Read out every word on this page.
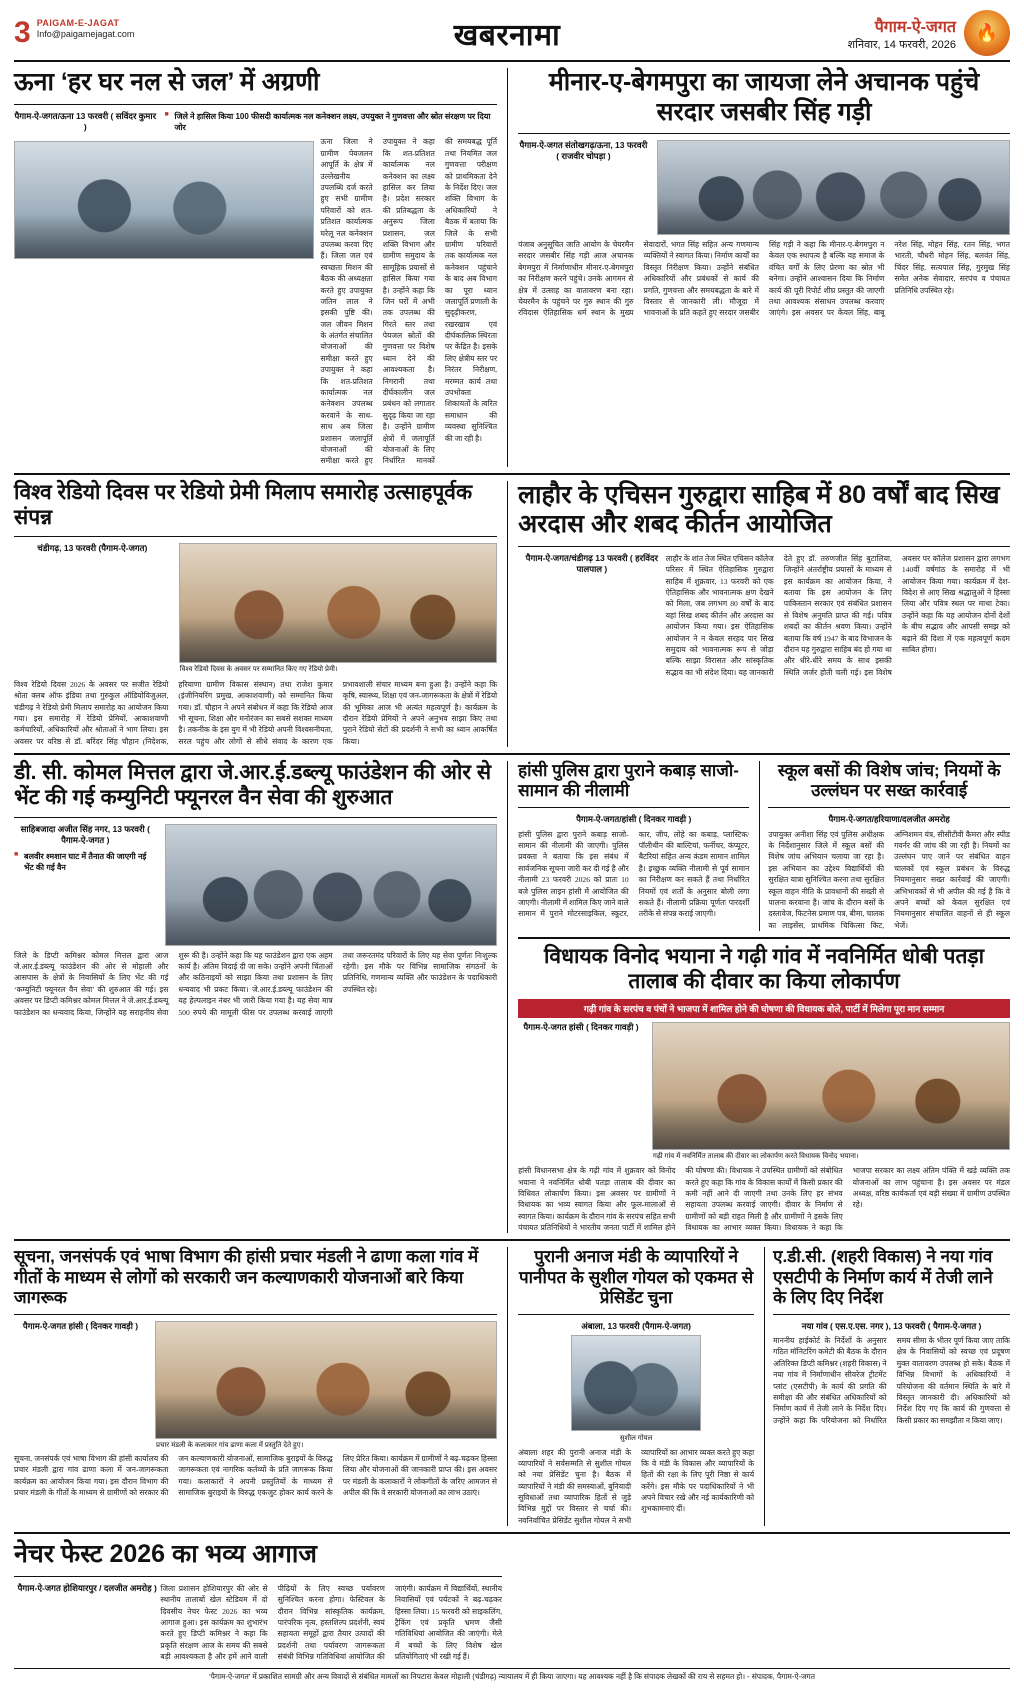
3 PAIGAM-E-JAGAT
Info@paigamejagat.com	खबरनामा	पैगाम-ऐ-जगत
शनिवार, 14 फरवरी, 2026
🔥
ऊना ‘हर घर नल से जल’ में अग्रणी
पैगाम-ऐ-जगत/ऊना 13 फरवरी ( सविंदर कुमार )
■ जिले ने हासिल किया 100 फीसदी कार्यात्मक नल कनेक्शन लक्ष्य, उपयुक्त ने गुणवत्ता और स्रोत संरक्षण पर दिया जोर
ऊना जिला ने ग्रामीण पेयजलन आपूर्ति के क्षेत्र में उल्लेखनीय उपलब्धि दर्ज करते हुए सभी ग्रामीण परिवारों को शत-प्रतिशत कार्यात्मक घरेलू नल कनेक्शन उपलब्ध करवा दिए हैं। जिला जल एवं स्वच्छता मिशन की बैठक की अध्यक्षता करते हुए उपायुक्त जतिन लाल ने इसकी पुष्टि की। जल जीवन मिशन के अंतर्गत संचालित योजनाओं की समीक्षा करते हुए उपायुक्त ने कहा कि शत-प्रतिशत कार्यात्मक नल कनेक्शन उपलब्ध करवाने के साथ-साथ अब जिला प्रशासन जलापूर्ति योजनाओं की समीक्षा करते हुए उपायुक्त ने कहा कि शत-प्रतिशत कार्यात्मक नल कनेक्शन का लक्ष्य हासिल कर लिया है। प्रदेश सरकार की प्रतिबद्धता के अनुरूप जिला प्रशासन, जल शक्ति विभाग और ग्रामीण समुदाय के सामूहिक प्रयासों से हासिल किया गया है। उन्होंने कहा कि जिन घरों में अभी तक उपलब्ध की गिरते स्तर तथा पेयजल स्रोतों की गुणवत्ता पर विशेष ध्यान देने की आवश्यकता है। निगरानी तथा दीर्घकालीन जल प्रबंधन को लगातार सुदृढ़ किया जा रहा है। उन्होंने ग्रामीण क्षेत्रों में जलापूर्ति योजनाओं के लिए निर्धारित मानकों की समयबद्ध पूर्ति तथा नियमित जल गुणवत्ता परीक्षण को प्राथमिकता देने के निर्देश दिए। जल शक्ति विभाग के अधिकारियों ने बैठक में बताया कि जिले के सभी ग्रामीण परिवारों तक कार्यात्मक नल कनेक्शन पहुंचाने के बाद अब विभाग का पूरा ध्यान जलापूर्ति प्रणाली के सुदृढ़ीकरण, रखरखाव एवं दीर्घकालिक स्थिरता पर केंद्रित है। इसके लिए क्षेत्रीय स्तर पर निरंतर निरीक्षण, मरम्मत कार्य तथा उपभोक्ता शिकायतों के त्वरित समाधान की व्यवस्था सुनिश्चित की जा रही है।
मीनार-ए-बेगमपुरा का जायजा लेने अचानक पहुंचे सरदार जसबीर सिंह गड़ी
पैगाम-ऐ-जगत संतोखगढ़/ऊना, 13 फरवरी ( राजवीर चोपड़ा )
पंजाब अनुसूचित जाति आयोग के चेयरमैन सरदार जसबीर सिंह गड़ी आज अचानक बेगमपुरा में निर्माणाधीन मीनार-ए-बेगमपुरा का निरीक्षण करने पहुंचे। उनके आगमन से क्षेत्र में उत्साह का वातावरण बना रहा। चेयरमैन के पहुंचने पर गुरु स्थान की गुरु रविदास ऐतिहासिक धर्म स्थान के मुख्य सेवादारों, भगत सिंह सहित अन्य गणमान्य व्यक्तियों ने स्वागत किया। निर्माण कार्यों का विस्तृत निरीक्षण किया। उन्होंने संबंधित अधिकारियों और प्रबंधकों से कार्य की प्रगति, गुणवत्ता और समयबद्धता के बारे में विस्तार से जानकारी ली। मौजूदा में भावनाओं के प्रति कहते हुए सरदार जसबीर सिंह गड़ी ने कहा कि मीनार-ए-बेगमपुरा न केवल एक स्थापत्य है बल्कि यह समाज के वंचित वर्गों के लिए प्रेरणा का स्रोत भी बनेगा। उन्होंने आश्वासन दिया कि निर्माण कार्य की पूरी रिपोर्ट शीघ्र प्रस्तुत की जाएगी तथा आवश्यक संसाधन उपलब्ध करवाए जाएंगे। इस अवसर पर केवल सिंह, बाबू नरेश सिंह, मोहन सिंह, रतन सिंह, भगत भारती, चौधरी मोहन सिंह, बलवंत सिंह, चिंदर सिंह, सत्यपाल सिंह, गुरमुख सिंह समेत अनेक सेवादार, सरपंच व पंचायत प्रतिनिधि उपस्थित रहे।
विश्व रेडियो दिवस पर रेडियो प्रेमी मिलाप समारोह उत्साहपूर्वक संपन्न
चंडीगढ़, 13 फरवरी (पैगाम-ऐ-जगत)
विश्व रेडियो दिवस के अवसर पर सम्मानित किए गए रेडियो प्रेमी।
विश्व रेडियो दिवस 2026 के अवसर पर सजीत रेडियो श्रोता क्लब ऑफ इंडिया तथा गुरुकुल ऑडियोविजुअल, चंडीगढ़ ने रेडियो प्रेमी मिलाप समारोह का आयोजन किया गया। इस समारोह में रेडियो प्रेमियों, आकाशवाणी कर्मचारियों, अधिकारियों और श्रोताओं ने भाग लिया। इस अवसर पर वरिष्ठ से डॉ. बरिंदर सिंह चौहान (निदेशक, हरियाणा ग्रामीण विकास संस्थान) तथा राजेश कुमार (इंजीनियरिंग प्रमुख, आकाशवाणी) को सम्मानित किया गया। डॉ. चौहान ने अपने संबोधन में कहा कि रेडियो आज भी सूचना, शिक्षा और मनोरंजन का सबसे सशक्त माध्यम है। तकनीक के इस युग में भी रेडियो अपनी विश्वसनीयता, सरल पहुंच और लोगों से सीधे संवाद के कारण एक प्रभावशाली संचार माध्यम बना हुआ है। उन्होंने कहा कि कृषि, स्वास्थ्य, शिक्षा एवं जन-जागरूकता के क्षेत्रों में रेडियो की भूमिका आज भी अत्यंत महत्वपूर्ण है। कार्यक्रम के दौरान रेडियो प्रेमियों ने अपने अनुभव साझा किए तथा पुराने रेडियो सेटों की प्रदर्शनी ने सभी का ध्यान आकर्षित किया।
लाहौर के एचिसन गुरुद्वारा साहिब में 80 वर्षों बाद सिख अरदास और शबद कीर्तन आयोजित
पैगाम-ऐ-जगत/चंडीगढ़ 13 फरवरी ( हरविंदर पालपाल )
लाहौर के शांत तेज स्थित एचिसन कॉलेज परिसर में स्थित ऐतिहासिक गुरुद्वारा साहिब में शुक्रवार, 13 फरवरी को एक ऐतिहासिक और भावनात्मक क्षण देखने को मिला, जब लगभग 80 वर्षों के बाद यहां सिख शबद कीर्तन और अरदास का आयोजन किया गया। इस ऐतिहासिक आयोजन ने न केवल सरहद पार सिख समुदाय को भावनात्मक रूप से जोड़ा बल्कि साझा विरासत और सांस्कृतिक सद्भाव का भी संदेश दिया। यह जानकारी देते हुए डॉ. तरुणजीत सिंह बुटालिया, जिन्होंने अंतर्राष्ट्रीय प्रयासों के माध्यम से इस कार्यक्रम का आयोजन किया, ने बताया कि इस आयोजन के लिए पाकिस्तान सरकार एवं संबंधित प्रशासन से विशेष अनुमति प्राप्त की गई। पवित्र शबदों का कीर्तन श्रवण किया। उन्होंने बताया कि वर्ष 1947 के बाद विभाजन के दौरान यह गुरुद्वारा साहिब बंद हो गया था और धीरे-धीरे समय के साथ इसकी स्थिति जर्जर होती चली गई। इस विशेष अवसर पर कॉलेज प्रशासन द्वारा लगभग 140वीं वर्षगांठ के समारोह में भी आयोजन किया गया। कार्यक्रम में देश-विदेश से आए सिख श्रद्धालुओं ने हिस्सा लिया और पवित्र स्थल पर माथा टेका। उन्होंने कहा कि यह आयोजन दोनों देशों के बीच सद्भाव और आपसी समझ को बढ़ाने की दिशा में एक महत्वपूर्ण कदम साबित होगा।
डी. सी. कोमल मित्तल द्वारा जे.आर.ई.डब्ल्यू फाउंडेशन की ओर से भेंट की गई कम्युनिटी फ्यूनरल वैन सेवा की शुरुआत
साहिबजादा अजीत सिंह नगर, 13 फरवरी ( पैगाम-ऐ-जगत )
■ बलवीर श्मशान घाट में तैनात की जाएगी नई भेंट की गई वैन
जिले के डिप्टी कमिश्नर कोमल मित्तल द्वारा आज जे.आर.ई.डब्ल्यू फाउंडेशन की ओर से मोहाली और आसपास के क्षेत्रों के निवासियों के लिए भेंट की गई ‘कम्युनिटी फ्यूनरल वैन सेवा’ की शुरुआत की गई। इस अवसर पर डिप्टी कमिश्नर कोमल मित्तल ने जे.आर.ई.डब्ल्यू फाउंडेशन का धन्यवाद किया, जिन्होंने यह सराहनीय सेवा शुरू की है। उन्होंने कहा कि यह फाउंडेशन द्वारा एक अहम कार्य है। अंतिम विदाई दी जा सके। उन्होंने अपनी चिंताओं और कठिनाइयों को साझा किया तथा प्रशासन के लिए धन्यवाद भी प्रकट किया। जे.आर.ई.डब्ल्यू फाउंडेशन की यह हेल्पलाइन नंबर भी जारी किया गया है। यह सेवा मात्र 500 रुपये की मामूली फीस पर उपलब्ध करवाई जाएगी तथा जरूरतमंद परिवारों के लिए यह सेवा पूर्णतः निःशुल्क रहेगी। इस मौके पर विभिन्न सामाजिक संगठनों के प्रतिनिधि, गणमान्य व्यक्ति और फाउंडेशन के पदाधिकारी उपस्थित रहे।
हांसी पुलिस द्वारा पुराने कबाड़ साजो-सामान की नीलामी
पैगाम-ऐ-जगत/हांसी ( दिनकर गावड़ी )
हांसी पुलिस द्वारा पुराने कबाड़ साजो-सामान की नीलामी की जाएगी। पुलिस प्रवक्ता ने बताया कि इस संबंध में सार्वजनिक सूचना जारी कर दी गई है और नीलामी 23 फरवरी 2026 को प्रातः 10 बजे पुलिस लाइन हांसी में आयोजित की जाएगी। नीलामी में शामिल किए जाने वाले सामान में पुराने मोटरसाइकिल, स्कूटर, कार, जीप, लोहे का कबाड़, प्लास्टिक/पॉलीथीन की बाल्टियां, फर्नीचर, कंप्यूटर, बैटरियां सहित अन्य कंडम सामान शामिल है। इच्छुक व्यक्ति नीलामी से पूर्व सामान का निरीक्षण कर सकते हैं तथा निर्धारित नियमों एवं शर्तों के अनुसार बोली लगा सकते हैं। नीलामी प्रक्रिया पूर्णतः पारदर्शी तरीके से संपन्न कराई जाएगी।
स्कूल बसों की विशेष जांच; नियमों के उल्लंघन पर सख्त कार्रवाई
पैगाम-ऐ-जगत/हरियाणा/दलजीत अमरोह
उपायुक्त अनीशा सिंह एवं पुलिस अधीक्षक के निर्देशानुसार जिले में स्कूल बसों की विशेष जांच अभियान चलाया जा रहा है। इस अभियान का उद्देश्य विद्यार्थियों की सुरक्षित यात्रा सुनिश्चित करना तथा सुरक्षित स्कूल वाहन नीति के प्रावधानों की सख्ती से पालना करवाना है। जांच के दौरान बसों के दस्तावेज, फिटनेस प्रमाण पत्र, बीमा, चालक का लाइसेंस, प्राथमिक चिकित्सा किट, अग्निशमन यंत्र, सीसीटीवी कैमरा और स्पीड गवर्नर की जांच की जा रही है। नियमों का उल्लंघन पाए जाने पर संबंधित वाहन चालकों एवं स्कूल प्रबंधन के विरुद्ध नियमानुसार सख्त कार्रवाई की जाएगी। अभिभावकों से भी अपील की गई है कि वे अपने बच्चों को केवल सुरक्षित एवं नियमानुसार संचालित वाहनों से ही स्कूल भेजें।
विधायक विनोद भयाना ने गढ़ी गांव में नवनिर्मित धोबी पतड़ा तालाब की दीवार का किया लोकार्पण
गढ़ी गांव के सरपंच व पंचों ने भाजपा में शामिल होने की घोषणा की विधायक बोले, पार्टी में मिलेगा पूरा मान सम्मान
पैगाम-ऐ-जगत हांसी ( दिनकर गावड़ी )
गढ़ी गांव में नवनिर्मित तालाब की दीवार का लोकार्पण करते विधायक विनोद भयाना।
हांसी विधानसभा क्षेत्र के गढ़ी गांव में शुक्रवार को विनोद भयाना ने नवनिर्मित धोबी पतड़ा तालाब की दीवार का विधिवत लोकार्पण किया। इस अवसर पर ग्रामीणों ने विधायक का भव्य स्वागत किया और फूल-मालाओं से स्वागत किया। कार्यक्रम के दौरान गांव के सरपंच सहित सभी पंचायत प्रतिनिधियों ने भारतीय जनता पार्टी में शामिल होने की घोषणा की। विधायक ने उपस्थित ग्रामीणों को संबोधित करते हुए कहा कि गांव के विकास कार्यों में किसी प्रकार की कमी नहीं आने दी जाएगी तथा उनके लिए हर संभव सहायता उपलब्ध करवाई जाएगी। दीवार के निर्माण से ग्रामीणों को बड़ी राहत मिली है और ग्रामीणों ने इसके लिए विधायक का आभार व्यक्त किया। विधायक ने कहा कि भाजपा सरकार का लक्ष्य अंतिम पंक्ति में खड़े व्यक्ति तक योजनाओं का लाभ पहुंचाना है। इस अवसर पर मंडल अध्यक्ष, वरिष्ठ कार्यकर्ता एवं बड़ी संख्या में ग्रामीण उपस्थित रहे।
सूचना, जनसंपर्क एवं भाषा विभाग की हांसी प्रचार मंडली ने ढाणा कला गांव में गीतों के माध्यम से लोगों को सरकारी जन कल्याणकारी योजनाओं बारे किया जागरूक
पैगाम-ऐ-जगत हांसी ( दिनकर गावड़ी )
प्रचार मंडली के कलाकार गांव ढाणा कला में प्रस्तुति देते हुए।
सूचना, जनसंपर्क एवं भाषा विभाग की हांसी कार्यालय की प्रचार मंडली द्वारा गांव ढाणा कला में जन-जागरूकता कार्यक्रम का आयोजन किया गया। इस दौरान विभाग की प्रचार मंडली के गीतों के माध्यम से ग्रामीणों को सरकार की जन कल्याणकारी योजनाओं, सामाजिक बुराइयों के विरुद्ध जागरूकता एवं नागरिक कर्तव्यों के प्रति जागरूक किया गया। कलाकारों ने अपनी प्रस्तुतियों के माध्यम से सामाजिक बुराइयों के विरुद्ध एकजुट होकर कार्य करने के लिए प्रेरित किया। कार्यक्रम में ग्रामीणों ने बढ़-चढ़कर हिस्सा लिया और योजनाओं की जानकारी प्राप्त की। इस अवसर पर मंडली के कलाकारों ने लोकगीतों के जरिए आमजन से अपील की कि वे सरकारी योजनाओं का लाभ उठाएं।
पुरानी अनाज मंडी के व्यापारियों ने पानीपत के सुशील गोयल को एकमत से प्रेसिडेंट चुना
अंबाला, 13 फरवरी (पैगाम-ऐ-जगत)
सुशील गोयल
अंबाला शहर की पुरानी अनाज मंडी के व्यापारियों ने सर्वसम्मति से सुशील गोयल को नया प्रेसिडेंट चुना है। बैठक में व्यापारियों ने मंडी की समस्याओं, बुनियादी सुविधाओं तथा व्यापारिक हितों से जुड़े विभिन्न मुद्दों पर विस्तार से चर्चा की। नवनिर्वाचित प्रेसिडेंट सुशील गोयल ने सभी व्यापारियों का आभार व्यक्त करते हुए कहा कि वे मंडी के विकास और व्यापारियों के हितों की रक्षा के लिए पूरी निष्ठा से कार्य करेंगे। इस मौके पर पदाधिकारियों ने भी अपने विचार रखे और नई कार्यकारिणी को शुभकामनाएं दीं।
ए.डी.सी. (शहरी विकास) ने नया गांव एसटीपी के निर्माण कार्य में तेजी लाने के लिए दिए निर्देश
नया गांव ( एस.ए.एस. नगर ), 13 फरवरी ( पैगाम-ऐ-जगत )
माननीय हाईकोर्ट के निर्देशों के अनुसार गठित मॉनिटरिंग कमेटी की बैठक के दौरान अतिरिक्त डिप्टी कमिश्नर (शहरी विकास) ने नया गांव में निर्माणाधीन सीवरेज ट्रीटमेंट प्लांट (एसटीपी) के कार्य की प्रगति की समीक्षा की और संबंधित अधिकारियों को निर्माण कार्य में तेजी लाने के निर्देश दिए। उन्होंने कहा कि परियोजना को निर्धारित समय सीमा के भीतर पूर्ण किया जाए ताकि क्षेत्र के निवासियों को स्वच्छ एवं प्रदूषण मुक्त वातावरण उपलब्ध हो सके। बैठक में विभिन्न विभागों के अधिकारियों ने परियोजना की वर्तमान स्थिति के बारे में विस्तृत जानकारी दी। अधिकारियों को निर्देश दिए गए कि कार्य की गुणवत्ता से किसी प्रकार का समझौता न किया जाए।
नेचर फेस्ट 2026 का भव्य आगाज
पैगाम-ऐ-जगत होशियारपुर / दलजीत अमरोह ) जिला प्रशासन होशियारपुर की ओर से स्थानीय तालाबों खेल स्टेडियम में दो दिवसीय नेचर फेस्ट 2026 का भव्य आगाज हुआ। इस कार्यक्रम का शुभारंभ करते हुए डिप्टी कमिश्नर ने कहा कि प्रकृति संरक्षण आज के समय की सबसे बड़ी आवश्यकता है और हमें आने वाली पीढ़ियों के लिए स्वच्छ पर्यावरण सुनिश्चित करना होगा। फेस्टिवल के दौरान विभिन्न सांस्कृतिक कार्यक्रम, पारंपरिक नृत्य, हस्तशिल्प प्रदर्शनी, स्वयं सहायता समूहों द्वारा तैयार उत्पादों की प्रदर्शनी तथा पर्यावरण जागरूकता संबंधी विभिन्न गतिविधियां आयोजित की जाएंगी। कार्यक्रम में विद्यार्थियों, स्थानीय निवासियों एवं पर्यटकों ने बढ़-चढ़कर हिस्सा लिया। 15 फरवरी को साइकलिंग, ट्रैकिंग एवं प्रकृति भ्रमण जैसी गतिविधियां आयोजित की जाएंगी। मेले में बच्चों के लिए विशेष खेल प्रतियोगिताएं भी रखी गई हैं।
‘पैगाम-ऐ-जगत’ में प्रकाशित सामग्री और अन्य विवादों से संबंधित मामलों का निपटारा केवल मोहाली (चंडीगढ़) न्यायालय में ही किया जाएगा। यह आवश्यक नहीं है कि संपादक लेखकों की राय से सहमत हो। - संपादक, पैगाम-ऐ-जगत
